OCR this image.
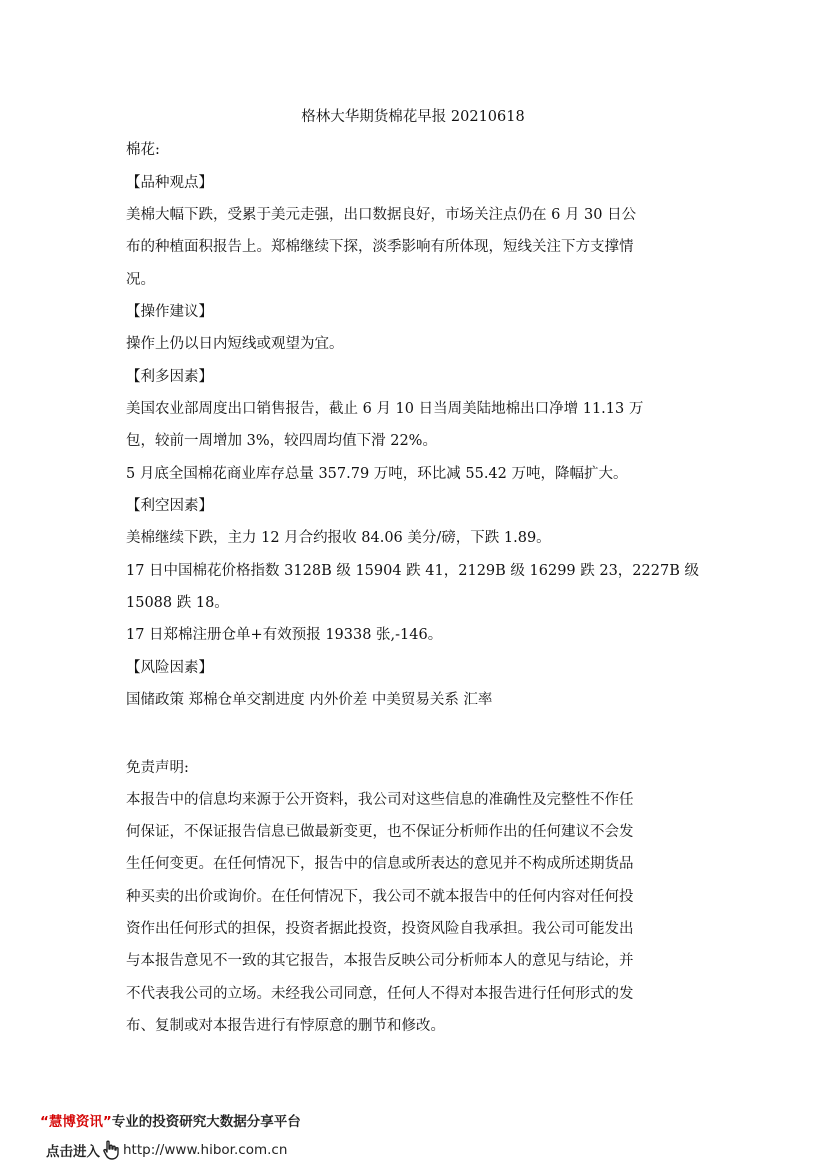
格林大华期货棉花早报 20210618
棉花:
【品种观点】
美棉大幅下跌，受累于美元走强，出口数据良好，市场关注点仍在 6 月 30 日公
布的种植面积报告上。郑棉继续下探，淡季影响有所体现，短线关注下方支撑情
况。
【操作建议】
操作上仍以日内短线或观望为宜。
【利多因素】
美国农业部周度出口销售报告，截止 6 月 10 日当周美陆地棉出口净增 11.13 万
包，较前一周增加 3%，较四周均值下滑 22%。
5 月底全国棉花商业库存总量 357.79 万吨，环比减 55.42 万吨，降幅扩大。
【利空因素】
美棉继续下跌，主力 12 月合约报收 84.06 美分/磅，下跌 1.89。
17 日中国棉花价格指数 3128B 级 15904 跌 41，2129B 级 16299 跌 23，2227B 级
15088 跌 18。
17 日郑棉注册仓单+有效预报 19338 张,-146。
【风险因素】
国储政策 郑棉仓单交割进度 内外价差 中美贸易关系 汇率
免责声明:
本报告中的信息均来源于公开资料，我公司对这些信息的准确性及完整性不作任
何保证，不保证报告信息已做最新变更，也不保证分析师作出的任何建议不会发
生任何变更。在任何情况下，报告中的信息或所表达的意见并不构成所述期货品
种买卖的出价或询价。在任何情况下，我公司不就本报告中的任何内容对任何投
资作出任何形式的担保，投资者据此投资，投资风险自我承担。我公司可能发出
与本报告意见不一致的其它报告，本报告反映公司分析师本人的意见与结论，并
不代表我公司的立场。未经我公司同意，任何人不得对本报告进行任何形式的发
布、复制或对本报告进行有悖原意的删节和修改。
“慧博资讯”专业的投资研究大数据分享平台
点击进入 http://www.hibor.com.cn
